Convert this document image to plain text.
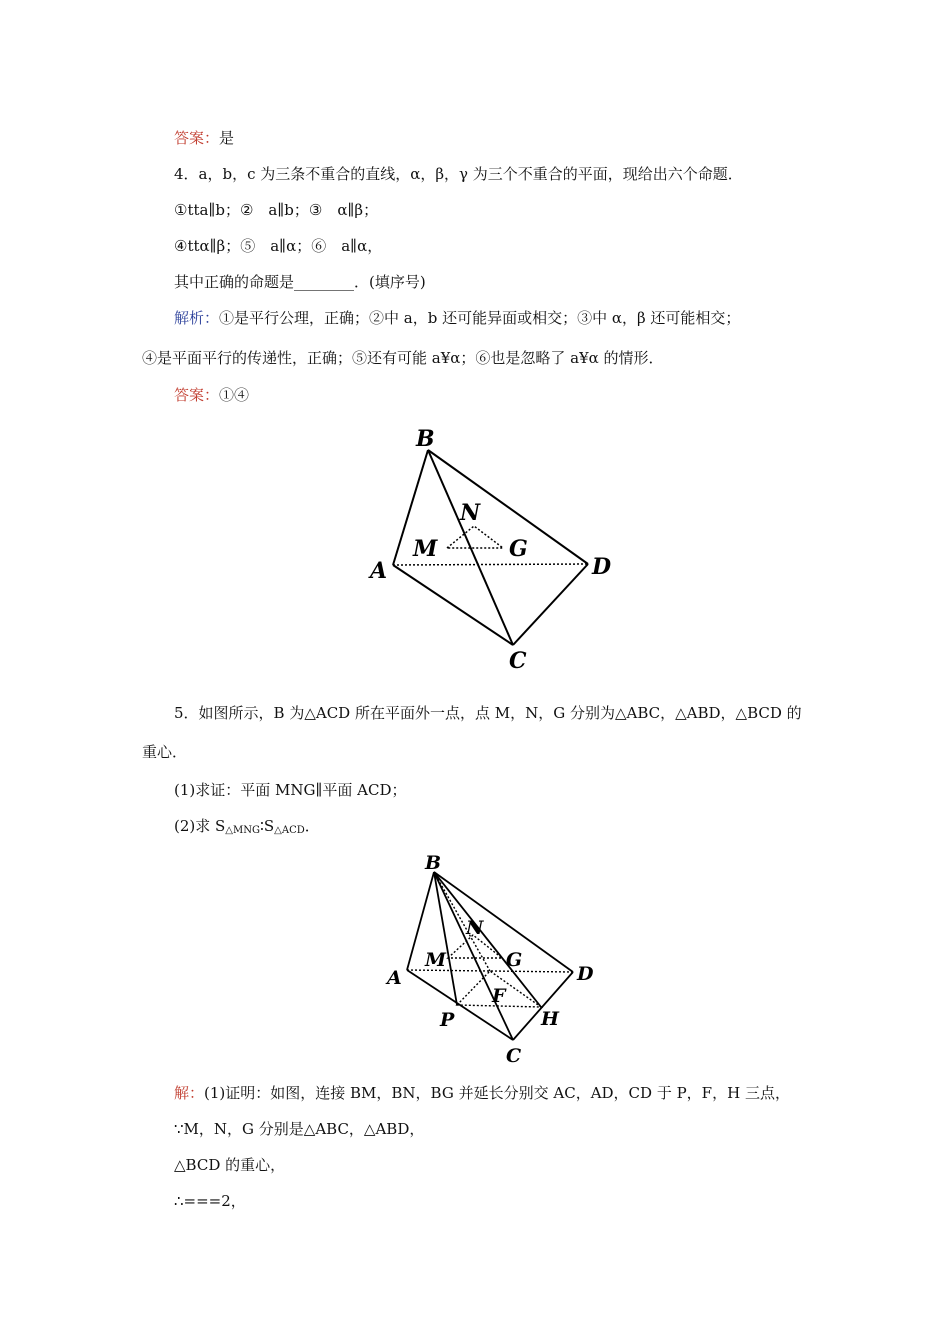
答案：是
4．a，b，c 为三条不重合的直线，α，β，γ 为三个不重合的平面，现给出六个命题．
①tta∥b；②　a∥b；③　α∥β；
④ttα∥β；⑤　a∥α；⑥　a∥α，
其中正确的命题是________．(填序号)
解析：①是平行公理，正确；②中 a，b 还可能异面或相交；③中 α，β 还可能相交；
④是平面平行的传递性，正确；⑤还有可能 a¥α；⑥也是忽略了 a¥α 的情形．
答案：①④
B
N
M	G
A	D
C
5．如图所示，B 为△ACD 所在平面外一点，点 M，N，G 分别为△ABC，△ABD，△BCD 的
重心．
(1)求证：平面 MNG∥平面 ACD；
(2)求 $S_{\triangle MNG}∶S_{\triangle ACD}$．
B
N
M	G
A	D
F
P	H
C
解：(1)证明：如图，连接 BM，BN，BG 并延长分别交 AC，AD，CD 于 P，F，H 三点，
∵M，N，G 分别是△ABC，△ABD，
△BCD 的重心，
∴===2，
